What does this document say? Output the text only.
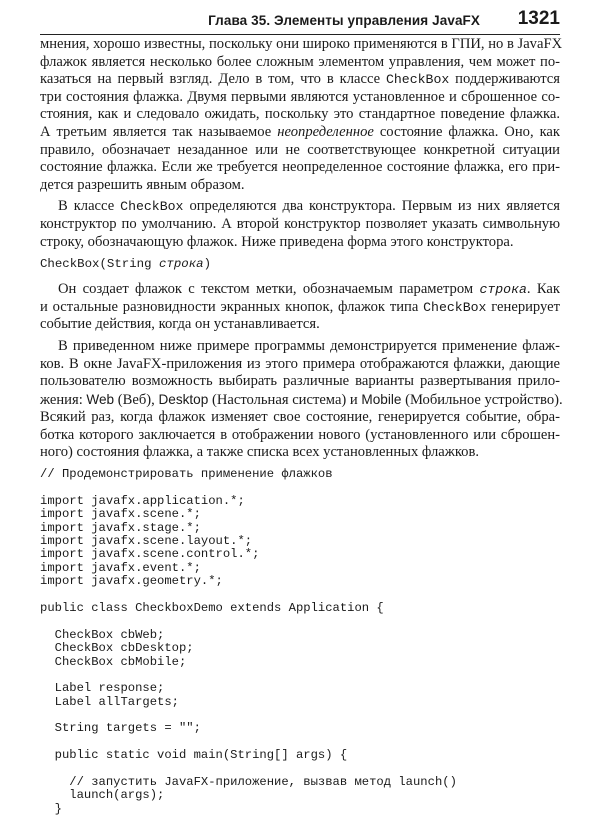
Глава 35. Элементы управления JavaFX 1321
мнения, хорошо известны, поскольку они широко применяются в ГПИ, но в JavaFX
флажок является несколько более сложным элементом управления, чем может по-
казаться на первый взгляд. Дело в том, что в классе CheckBox поддерживаются
три состояния флажка. Двумя первыми являются установленное и сброшенное со-
стояния, как и следовало ожидать, поскольку это стандартное поведение флажка.
А третьим является так называемое неопределенное состояние флажка. Оно, как
правило, обозначает незаданное или не соответствующее конкретной ситуации
состояние флажка. Если же требуется неопределенное состояние флажка, его при-
дется разрешить явным образом.
В классе CheckBox определяются два конструктора. Первым из них является
конструктор по умолчанию. А второй конструктор позволяет указать символьную
строку, обозначающую флажок. Ниже приведена форма этого конструктора.
CheckBox(String строка)
Он создает флажок с текстом метки, обозначаемым параметром строка. Как
и остальные разновидности экранных кнопок, флажок типа CheckBox генерирует
событие действия, когда он устанавливается.
В приведенном ниже примере программы демонстрируется применение флаж-
ков. В окне JavaFX-приложения из этого примера отображаются флажки, дающие
пользователю возможность выбирать различные варианты развертывания прило-
жения: Web (Веб), Desktop (Настольная система) и Mobile (Мобильное устройство).
Всякий раз, когда флажок изменяет свое состояние, генерируется событие, обра-
ботка которого заключается в отображении нового (установленного или сброшен-
ного) состояния флажка, а также списка всех установленных флажков.
// Продемонстрировать применение флажков
import javafx.application.*;
import javafx.scene.*;
import javafx.stage.*;
import javafx.scene.layout.*;
import javafx.scene.control.*;
import javafx.event.*;
import javafx.geometry.*;
public class CheckboxDemo extends Application {
CheckBox cbWeb;
CheckBox cbDesktop;
CheckBox cbMobile;
Label response;
Label allTargets;
String targets = "";
public static void main(String[] args) {
// запустить JavaFX-приложение, вызвав метод launch()
launch(args);
}
